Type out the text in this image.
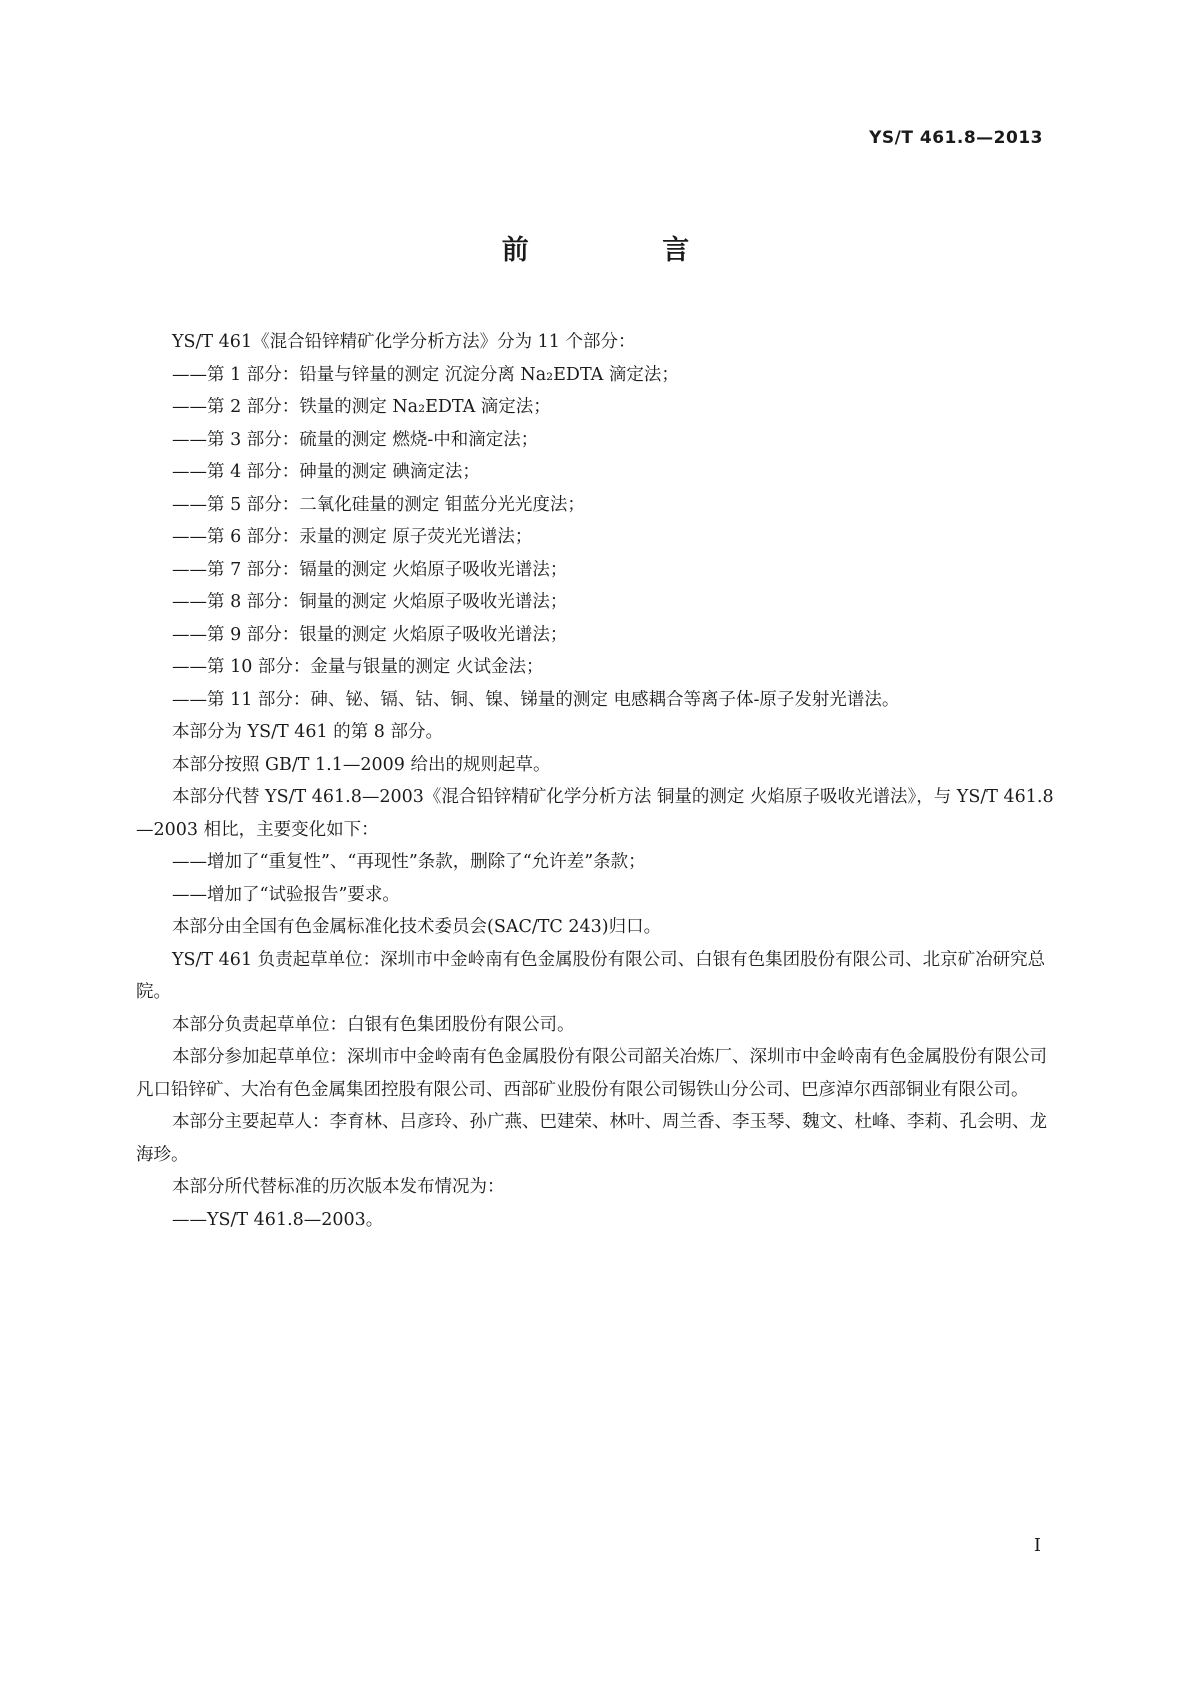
YS/T 461.8—2013
前 言

YS/T 461《混合铅锌精矿化学分析方法》分为 11 个部分：

——第 1 部分：铅量与锌量的测定 沉淀分离 Na₂EDTA 滴定法；

——第 2 部分：铁量的测定 Na₂EDTA 滴定法；

——第 3 部分：硫量的测定 燃烧-中和滴定法；

——第 4 部分：砷量的测定 碘滴定法；

——第 5 部分：二氧化硅量的测定 钼蓝分光光度法；

——第 6 部分：汞量的测定 原子荧光光谱法；

——第 7 部分：镉量的测定 火焰原子吸收光谱法；

——第 8 部分：铜量的测定 火焰原子吸收光谱法；

——第 9 部分：银量的测定 火焰原子吸收光谱法；

——第 10 部分：金量与银量的测定 火试金法；

——第 11 部分：砷、铋、镉、钴、铜、镍、锑量的测定 电感耦合等离子体-原子发射光谱法。

本部分为 YS/T 461 的第 8 部分。

本部分按照 GB/T 1.1—2009 给出的规则起草。

本部分代替 YS/T 461.8—2003《混合铅锌精矿化学分析方法 铜量的测定 火焰原子吸收光谱法》，与 YS/T 461.8—2003 相比，主要变化如下：

——增加了“重复性”、“再现性”条款，删除了“允许差”条款；

——增加了“试验报告”要求。

本部分由全国有色金属标准化技术委员会(SAC/TC 243)归口。

YS/T 461 负责起草单位：深圳市中金岭南有色金属股份有限公司、白银有色集团股份有限公司、北京矿冶研究总院。

本部分负责起草单位：白银有色集团股份有限公司。

本部分参加起草单位：深圳市中金岭南有色金属股份有限公司韶关冶炼厂、深圳市中金岭南有色金属股份有限公司凡口铅锌矿、大冶有色金属集团控股有限公司、西部矿业股份有限公司锡铁山分公司、巴彦淖尔西部铜业有限公司。

本部分主要起草人：李育林、吕彦玲、孙广燕、巴建荣、林叶、周兰香、李玉琴、魏文、杜峰、李莉、孔会明、龙海珍。

本部分所代替标准的历次版本发布情况为：

——YS/T 461.8—2003。

I
